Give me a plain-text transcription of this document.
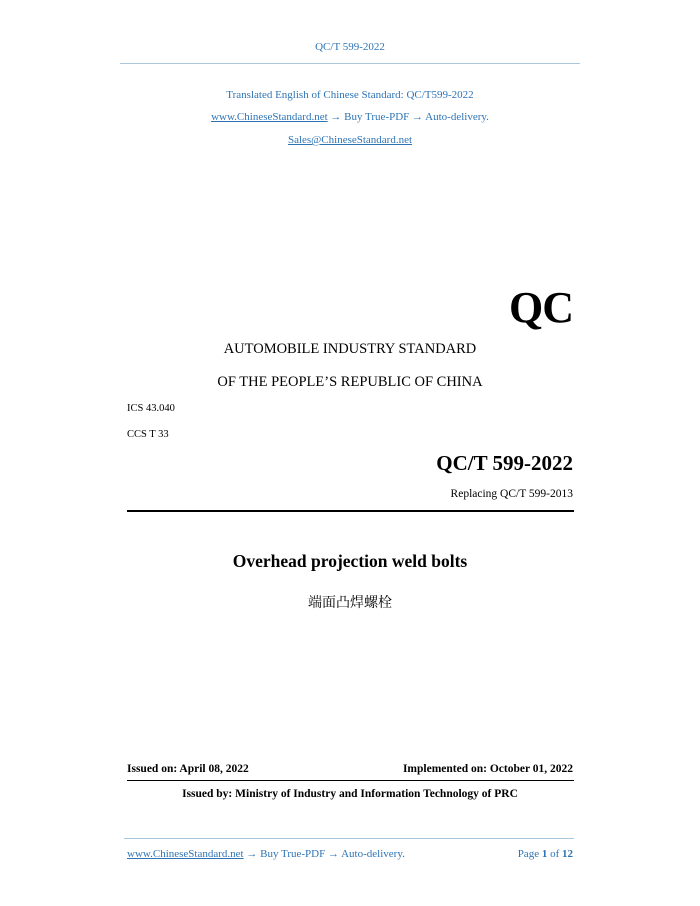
QC/T 599-2022
Translated English of Chinese Standard: QC/T599-2022
www.ChineseStandard.net → Buy True-PDF → Auto-delivery.
Sales@ChineseStandard.net
QC
AUTOMOBILE INDUSTRY STANDARD
OF THE PEOPLE’S REPUBLIC OF CHINA
ICS 43.040
CCS T 33
QC/T 599-2022
Replacing QC/T 599-2013
Overhead projection weld bolts
端面凸焊螺栓
Issued on: April 08, 2022	Implemented on: October 01, 2022
Issued by: Ministry of Industry and Information Technology of PRC
www.ChineseStandard.net → Buy True-PDF → Auto-delivery.	Page 1 of 12
